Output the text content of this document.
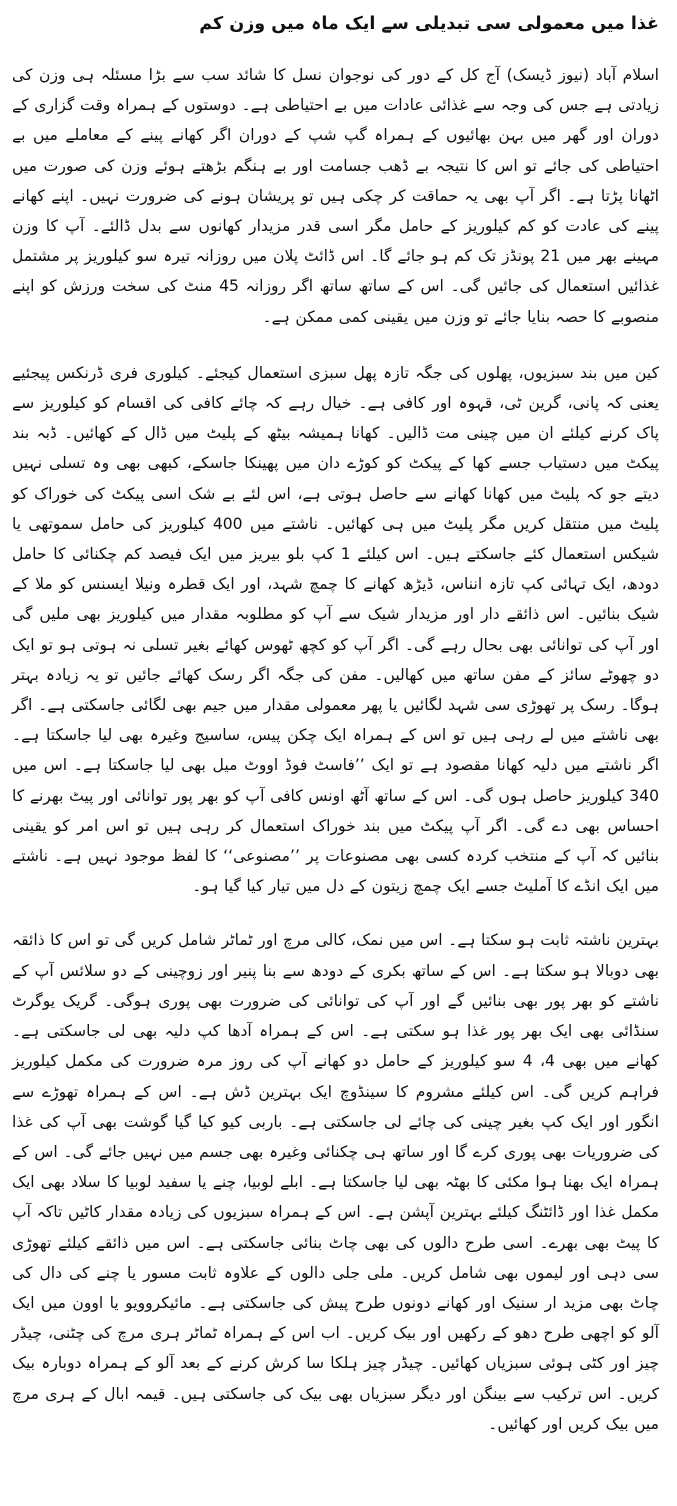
غذا میں معمولی سی تبدیلی سے ایک ماہ میں وزن کم

اسلام آباد (نیوز ڈیسک) آج کل کے دور کی نوجوان نسل کا شائد سب سے بڑا مسئلہ ہی وزن کی زیادتی ہے جس کی وجہ سے غذائی عادات میں بے احتیاطی ہے۔ دوستوں کے ہمراہ وقت گزاری کے دوران اور گھر میں بہن بھائیوں کے ہمراہ گپ شپ کے دوران اگر کھانے پینے کے معاملے میں بے احتیاطی کی جائے تو اس کا نتیجہ بے ڈھب جسامت اور بے ہنگم بڑھتے ہوئے وزن کی صورت میں اٹھانا پڑتا ہے۔ اگر آپ بھی یہ حماقت کر چکی ہیں تو پریشان ہونے کی ضرورت نہیں۔ اپنے کھانے پینے کی عادت کو کم کیلوریز کے حامل مگر اسی قدر مزیدار کھانوں سے بدل ڈالئے۔ آپ کا وزن مہینے بھر میں 21 پونڈز تک کم ہو جائے گا۔ اس ڈائٹ پلان میں روزانہ تیرہ سو کیلوریز پر مشتمل غذائیں استعمال کی جائیں گی۔ اس کے ساتھ ساتھ اگر روزانہ 45 منٹ کی سخت ورزش کو اپنے منصوبے کا حصہ بنایا جائے تو وزن میں یقینی کمی ممکن ہے۔

کین میں بند سبزیوں، پھلوں کی جگہ تازہ پھل سبزی استعمال کیجئے۔ کیلوری فری ڈرنکس پیجئیے یعنی کہ پانی، گرین ٹی، قہوہ اور کافی ہے۔ خیال رہے کہ چائے کافی کی اقسام کو کیلوریز سے پاک کرنے کیلئے ان میں چینی مت ڈالیں۔ کھانا ہمیشہ بیٹھ کے پلیٹ میں ڈال کے کھائیں۔ ڈبہ بند پیکٹ میں دستیاب جسے کھا کے پیکٹ کو کوڑے دان میں پھینکا جاسکے، کبھی بھی وہ تسلی نہیں دیتے جو کہ پلیٹ میں کھانا کھانے سے حاصل ہوتی ہے، اس لئے بے شک اسی پیکٹ کی خوراک کو پلیٹ میں منتقل کریں مگر پلیٹ میں ہی کھائیں۔ ناشتے میں 400 کیلوریز کی حامل سموتھی یا شیکس استعمال کئے جاسکتے ہیں۔ اس کیلئے 1 کپ بلو بیریز میں ایک فیصد کم چکنائی کا حامل دودھ، ایک تہائی کپ تازہ انناس، ڈیڑھ کھانے کا چمچ شہد، اور ایک قطرہ ونیلا ایسنس کو ملا کے شیک بنائیں۔ اس ذائقے دار اور مزیدار شیک سے آپ کو مطلوبہ مقدار میں کیلوریز بھی ملیں گی اور آپ کی توانائی بھی بحال رہے گی۔ اگر آپ کو کچھ ٹھوس کھائے بغیر تسلی نہ ہوتی ہو تو ایک دو چھوٹے سائز کے مفن ساتھ میں کھالیں۔ مفن کی جگہ اگر رسک کھائے جائیں تو یہ زیادہ بہتر ہوگا۔ رسک پر تھوڑی سی شہد لگائیں یا پھر معمولی مقدار میں جیم بھی لگائی جاسکتی ہے۔ اگر بھی ناشتے میں لے رہی ہیں تو اس کے ہمراہ ایک چکن پیس، ساسیج وغیرہ بھی لیا جاسکتا ہے۔ اگر ناشتے میں دلیہ کھانا مقصود ہے تو ایک ’’فاسٹ فوڈ اووٹ میل بھی لیا جاسکتا ہے۔ اس میں 340 کیلوریز حاصل ہوں گی۔ اس کے ساتھ آٹھ اونس کافی آپ کو بھر پور توانائی اور پیٹ بھرنے کا احساس بھی دے گی۔ اگر آپ پیکٹ میں بند خوراک استعمال کر رہی ہیں تو اس امر کو یقینی بنائیں کہ آپ کے منتخب کردہ کسی بھی مصنوعات پر ’’مصنوعی‘‘ کا لفظ موجود نہیں ہے۔ ناشتے میں ایک انڈے کا آملیٹ جسے ایک چمچ زیتون کے دل میں تیار کیا گیا ہو۔

بہترین ناشتہ ثابت ہو سکتا ہے۔ اس میں نمک، کالی مرچ اور ٹماٹر شامل کریں گی تو اس کا ذائقہ بھی دوبالا ہو سکتا ہے۔ اس کے ساتھ بکری کے دودھ سے بنا پنیر اور زوچینی کے دو سلائس آپ کے ناشتے کو بھر پور بھی بنائیں گے اور آپ کی توانائی کی ضرورت بھی پوری ہوگی۔ گریک یوگرٹ سنڈائی بھی ایک بھر پور غذا ہو سکتی ہے۔ اس کے ہمراہ آدھا کپ دلیہ بھی لی جاسکتی ہے۔ کھانے میں بھی 4، 4 سو کیلوریز کے حامل دو کھانے آپ کی روز مرہ ضرورت کی مکمل کیلوریز فراہم کریں گی۔ اس کیلئے مشروم کا سینڈوچ ایک بہترین ڈش ہے۔ اس کے ہمراہ تھوڑے سے انگور اور ایک کپ بغیر چینی کی چائے لی جاسکتی ہے۔ باربی کیو کیا گیا گوشت بھی آپ کی غذا کی ضروریات بھی پوری کرے گا اور ساتھ ہی چکنائی وغیرہ بھی جسم میں نہیں جائے گی۔ اس کے ہمراہ ایک بھنا ہوا مکئی کا بھٹہ بھی لیا جاسکتا ہے۔ ابلے لوبیا، چنے یا سفید لوبیا کا سلاد بھی ایک مکمل غذا اور ڈائٹنگ کیلئے بہترین آپشن ہے۔ اس کے ہمراہ سبزیوں کی زیادہ مقدار کاٹیں تاکہ آپ کا پیٹ بھی بھرے۔ اسی طرح دالوں کی بھی چاٹ بنائی جاسکتی ہے۔ اس میں ذائقے کیلئے تھوڑی سی دہی اور لیموں بھی شامل کریں۔ ملی جلی دالوں کے علاوہ ثابت مسور یا چنے کی دال کی چاٹ بھی مزید ار سنیک اور کھانے دونوں طرح پیش کی جاسکتی ہے۔ مائیکروویو یا اوون میں ایک آلو کو اچھی طرح دھو کے رکھیں اور بیک کریں۔ اب اس کے ہمراہ ٹماٹر ہری مرچ کی چٹنی، چیڈر چیز اور کٹی ہوئی سبزیاں کھائیں۔ چیڈر چیز ہلکا سا کرش کرنے کے بعد آلو کے ہمراہ دوبارہ بیک کریں۔ اس ترکیب سے بینگن اور دیگر سبزیاں بھی بیک کی جاسکتی ہیں۔ قیمہ ابال کے ہری مرچ میں بیک کریں اور کھائیں۔
